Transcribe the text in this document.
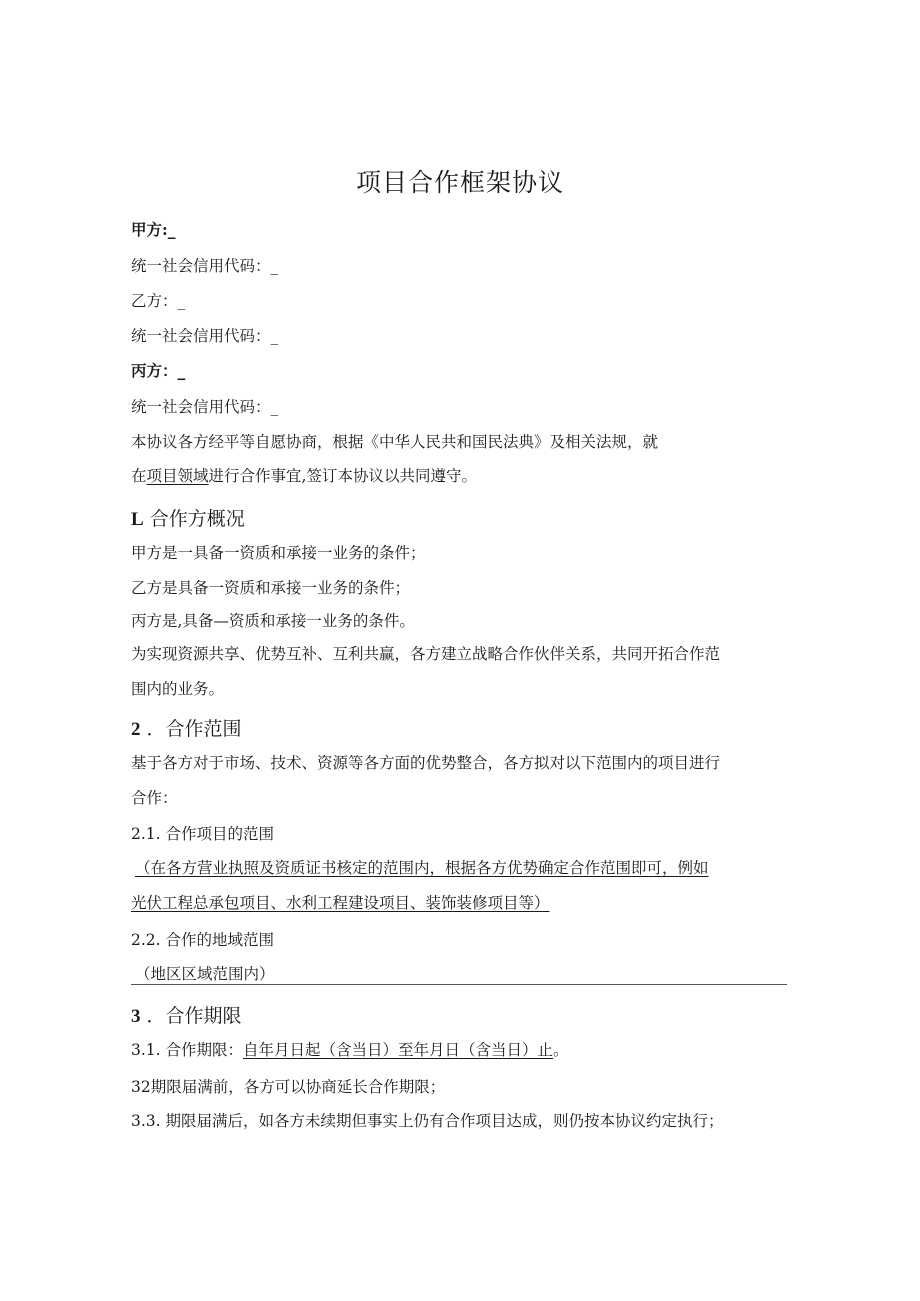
项目合作框架协议
甲方:_
统一社会信用代码：_
乙方：_
统一社会信用代码：_
丙方：_
统一社会信用代码：_
本协议各方经平等自愿协商，根据《中华人民共和国民法典》及相关法规，就
在项目领域进行合作事宜,签订本协议以共同遵守。
L 合作方概况
甲方是一具备一资质和承接一业务的条件；
乙方是具备一资质和承接一业务的条件；
丙方是,具备—资质和承接一业务的条件。
为实现资源共享、优势互补、互利共赢，各方建立战略合作伙伴关系，共同开拓合作范
围内的业务。
2 ．合作范围
基于各方对于市场、技术、资源等各方面的优势整合，各方拟对以下范围内的项目进行
合作：
2.1. 合作项目的范围
（在各方营业执照及资质证书核定的范围内，根据各方优势确定合作范围即可，例如
光伏工程总承包项目、水利工程建设项目、装饰装修项目等）
2.2. 合作的地域范围
（地区区域范围内）
3 ．合作期限
3.1. 合作期限：自年月日起（含当日）至年月日（含当日）止。
32期限届满前，各方可以协商延长合作期限；
3.3. 期限届满后，如各方未续期但事实上仍有合作项目达成，则仍按本协议约定执行；
